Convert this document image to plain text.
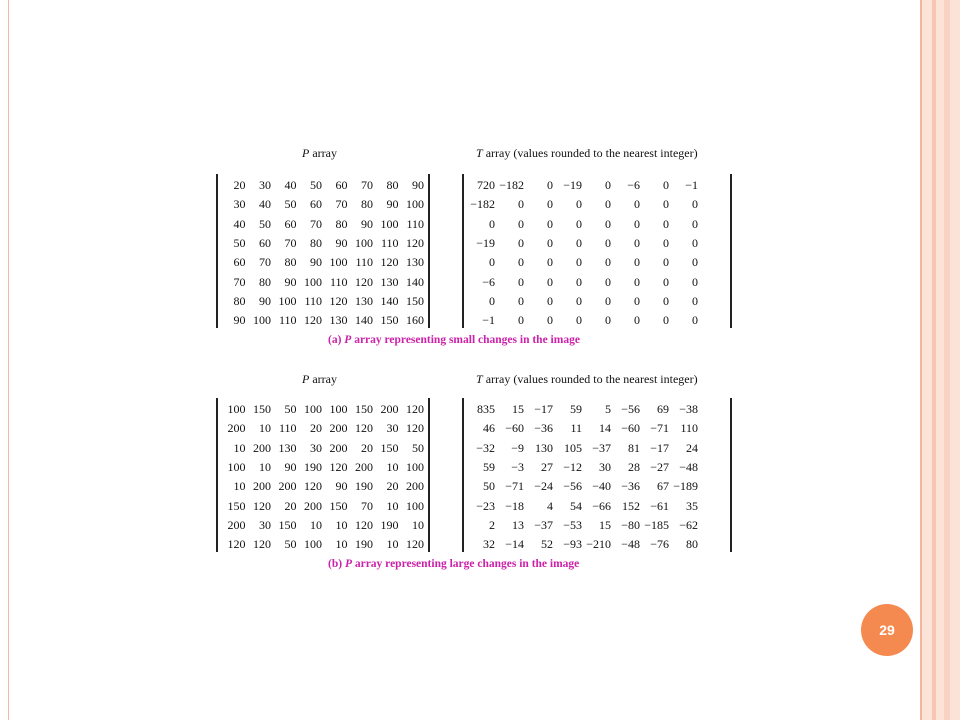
P array	T array (values rounded to the nearest integer)
20	30	40	50	60	70	80	90
30	40	50	60	70	80	90	100
40	50	60	70	80	90	100	110
50	60	70	80	90	100	110	120
60	70	80	90	100	110	120	130
70	80	90	100	110	120	130	140
80	90	100	110	120	130	140	150
90	100	110	120	130	140	150	160
720	−182	0	−19	0	−6	0	−1
−182	0	0	0	0	0	0	0
0	0	0	0	0	0	0	0
−19	0	0	0	0	0	0	0
0	0	0	0	0	0	0	0
−6	0	0	0	0	0	0	0
0	0	0	0	0	0	0	0
−1	0	0	0	0	0	0	0
(a) P array representing small changes in the image
P array	T array (values rounded to the nearest integer)
100	150	50	100	100	150	200	120
200	10	110	20	200	120	30	120
10	200	130	30	200	20	150	50
100	10	90	190	120	200	10	100
10	200	200	120	90	190	20	200
150	120	20	200	150	70	10	100
200	30	150	10	10	120	190	10
120	120	50	100	10	190	10	120
835	15	−17	59	5	−56	69	−38
46	−60	−36	11	14	−60	−71	110
−32	−9	130	105	−37	81	−17	24
59	−3	27	−12	30	28	−27	−48
50	−71	−24	−56	−40	−36	67	−189
−23	−18	4	54	−66	152	−61	35
2	13	−37	−53	15	−80	−185	−62
32	−14	52	−93	−210	−48	−76	80
(b) P array representing large changes in the image
29
